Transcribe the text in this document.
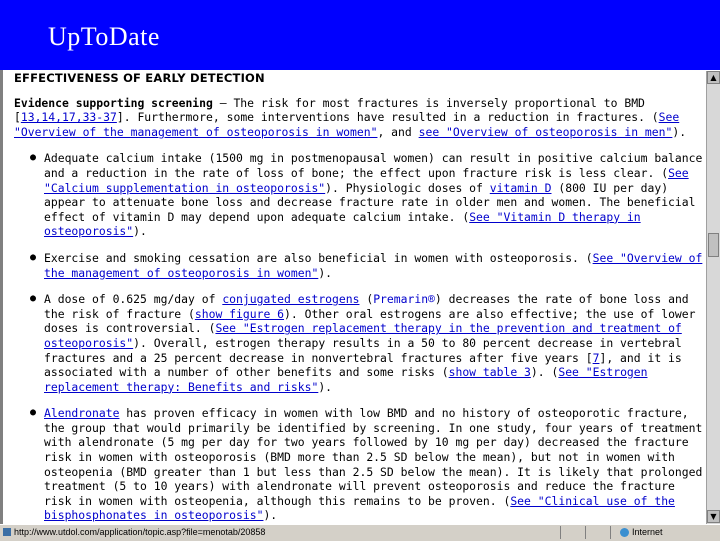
UpToDate

EFFECTIVENESS OF EARLY DETECTION

Evidence supporting screening — The risk for most fractures is inversely proportional to BMD [13,14,17,33-37]. Furthermore, some interventions have resulted in a reduction in fractures. (See "Overview of the management of osteoporosis in women", and see "Overview of osteoporosis in men").

● Adequate calcium intake (1500 mg in postmenopausal women) can result in positive calcium balance and a reduction in the rate of loss of bone; the effect upon fracture risk is less clear. (See "Calcium supplementation in osteoporosis"). Physiologic doses of vitamin D (800 IU per day) appear to attenuate bone loss and decrease fracture rate in older men and women. The beneficial effect of vitamin D may depend upon adequate calcium intake. (See "Vitamin D therapy in osteoporosis").
● Exercise and smoking cessation are also beneficial in women with osteoporosis. (See "Overview of the management of osteoporosis in women").
● A dose of 0.625 mg/day of conjugated estrogens (Premarin®) decreases the rate of bone loss and the risk of fracture (show figure 6). Other oral estrogens are also effective; the use of lower doses is controversial. (See "Estrogen replacement therapy in the prevention and treatment of osteoporosis"). Overall, estrogen therapy results in a 50 to 80 percent decrease in vertebral fractures and a 25 percent decrease in nonvertebral fractures after five years [7], and it is associated with a number of other benefits and some risks (show table 3). (See "Estrogen replacement therapy: Benefits and risks").
● Alendronate has proven efficacy in women with low BMD and no history of osteoporotic fracture, the group that would primarily be identified by screening. In one study, four years of treatment with alendronate (5 mg per day for two years followed by 10 mg per day) decreased the fracture risk in women with osteoporosis (BMD more than 2.5 SD below the mean), but not in women with osteopenia (BMD greater than 1 but less than 2.5 SD below the mean). It is likely that prolonged treatment (5 to 10 years) with alendronate will prevent osteoporosis and reduce the fracture risk in women with osteopenia, although this remains to be proven. (See "Clinical use of the bisphosphonates in osteoporosis").
▲
▼
http://www.utdol.com/application/topic.asp?file=menotab/20858	Internet
